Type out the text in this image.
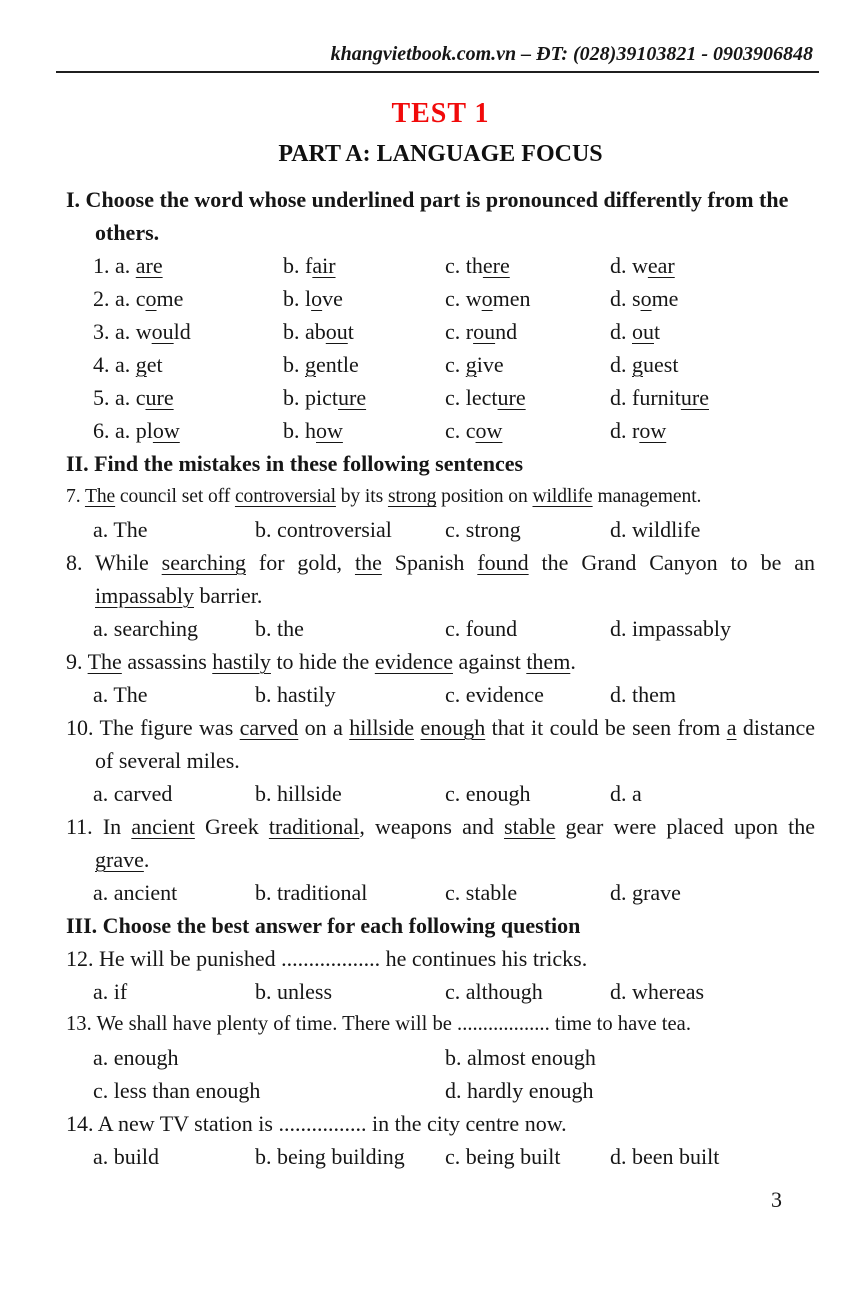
khangvietbook.com.vn – ĐT: (028)39103821 - 0903906848
TEST 1
PART A: LANGUAGE FOCUS
I. Choose the word whose underlined part is pronounced differently from the others.
1. a. are	b. fair	c. there	d. wear
2. a. come	b. love	c. women	d. some
3. a. would	b. about	c. round	d. out
4. a. get	b. gentle	c. give	d. guest
5. a. cure	b. picture	c. lecture	d. furniture
6. a. plow	b. how	c. cow	d. row
II. Find the mistakes in these following sentences
7. The council set off controversial by its strong position on wildlife management.
a. The	b. controversial	c. strong	d. wildlife
8. While searching for gold, the Spanish found the Grand Canyon to be an impassably barrier.
a. searching	b. the	c. found	d. impassably
9. The assassins hastily to hide the evidence against them.
a. The	b. hastily	c. evidence	d. them
10. The figure was carved on a hillside enough that it could be seen from a distance of several miles.
a. carved	b. hillside	c. enough	d. a
11. In ancient Greek traditional, weapons and stable gear were placed upon the grave.
a. ancient	b. traditional	c. stable	d. grave
III. Choose the best answer for each following question
12. He will be punished .................. he continues his tricks.
a. if	b. unless	c. although	d. whereas
13. We shall have plenty of time. There will be .................. time to have tea.
a. enough	b. almost enough
c. less than enough	d. hardly enough
14. A new TV station is ................ in the city centre now.
a. build	b. being building	c. being built	d. been built
3
